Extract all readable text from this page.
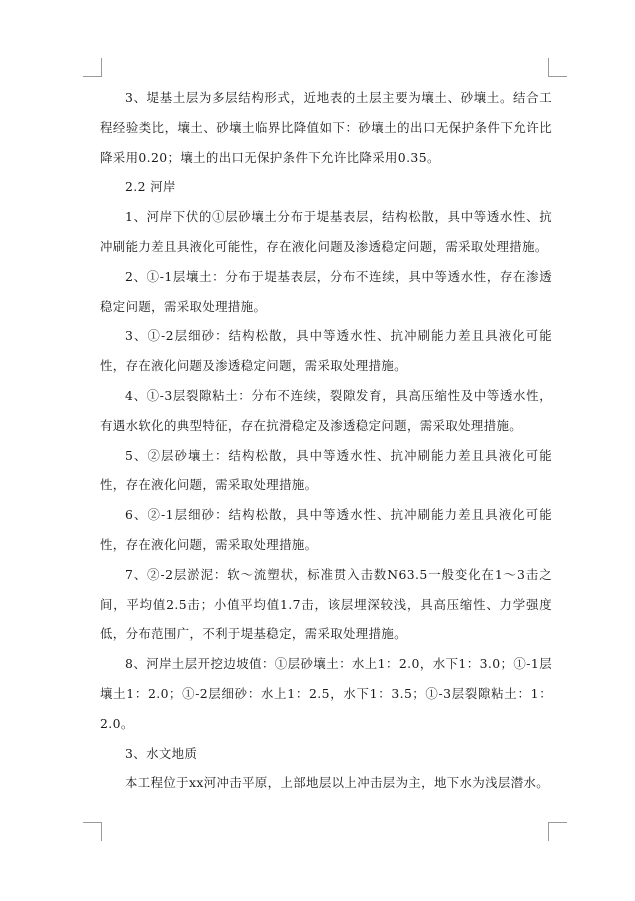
3、堤基土层为多层结构形式，近地表的土层主要为壤土、砂壤土。结合工程经验类比，壤土、砂壤土临界比降值如下：砂壤土的出口无保护条件下允许比降采用0.20；壤土的出口无保护条件下允许比降采用0.35。

2.2 河岸

1、河岸下伏的①层砂壤土分布于堤基表层，结构松散，具中等透水性、抗冲刷能力差且具液化可能性，存在液化问题及渗透稳定问题，需采取处理措施。

2、①-1层壤土：分布于堤基表层，分布不连续，具中等透水性，存在渗透稳定问题，需采取处理措施。

3、①-2层细砂：结构松散，具中等透水性、抗冲刷能力差且具液化可能性，存在液化问题及渗透稳定问题，需采取处理措施。

4、①-3层裂隙粘土：分布不连续，裂隙发育，具高压缩性及中等透水性，有遇水软化的典型特征，存在抗滑稳定及渗透稳定问题，需采取处理措施。

5、②层砂壤土：结构松散，具中等透水性、抗冲刷能力差且具液化可能性，存在液化问题，需采取处理措施。

6、②-1层细砂：结构松散，具中等透水性、抗冲刷能力差且具液化可能性，存在液化问题，需采取处理措施。

7、②-2层淤泥：软～流塑状，标准贯入击数N63.5一般变化在1～3击之间，平均值2.5击；小值平均值1.7击，该层埋深较浅，具高压缩性、力学强度低，分布范围广，不利于堤基稳定，需采取处理措施。

8、河岸土层开挖边坡值：①层砂壤土：水上1：2.0，水下1：3.0；①-1层壤土1：2.0；①-2层细砂：水上1：2.5，水下1：3.5；①-3层裂隙粘土：1：2.0。

3、水文地质

本工程位于xx河冲击平原，上部地层以上冲击层为主，地下水为浅层潜水。
